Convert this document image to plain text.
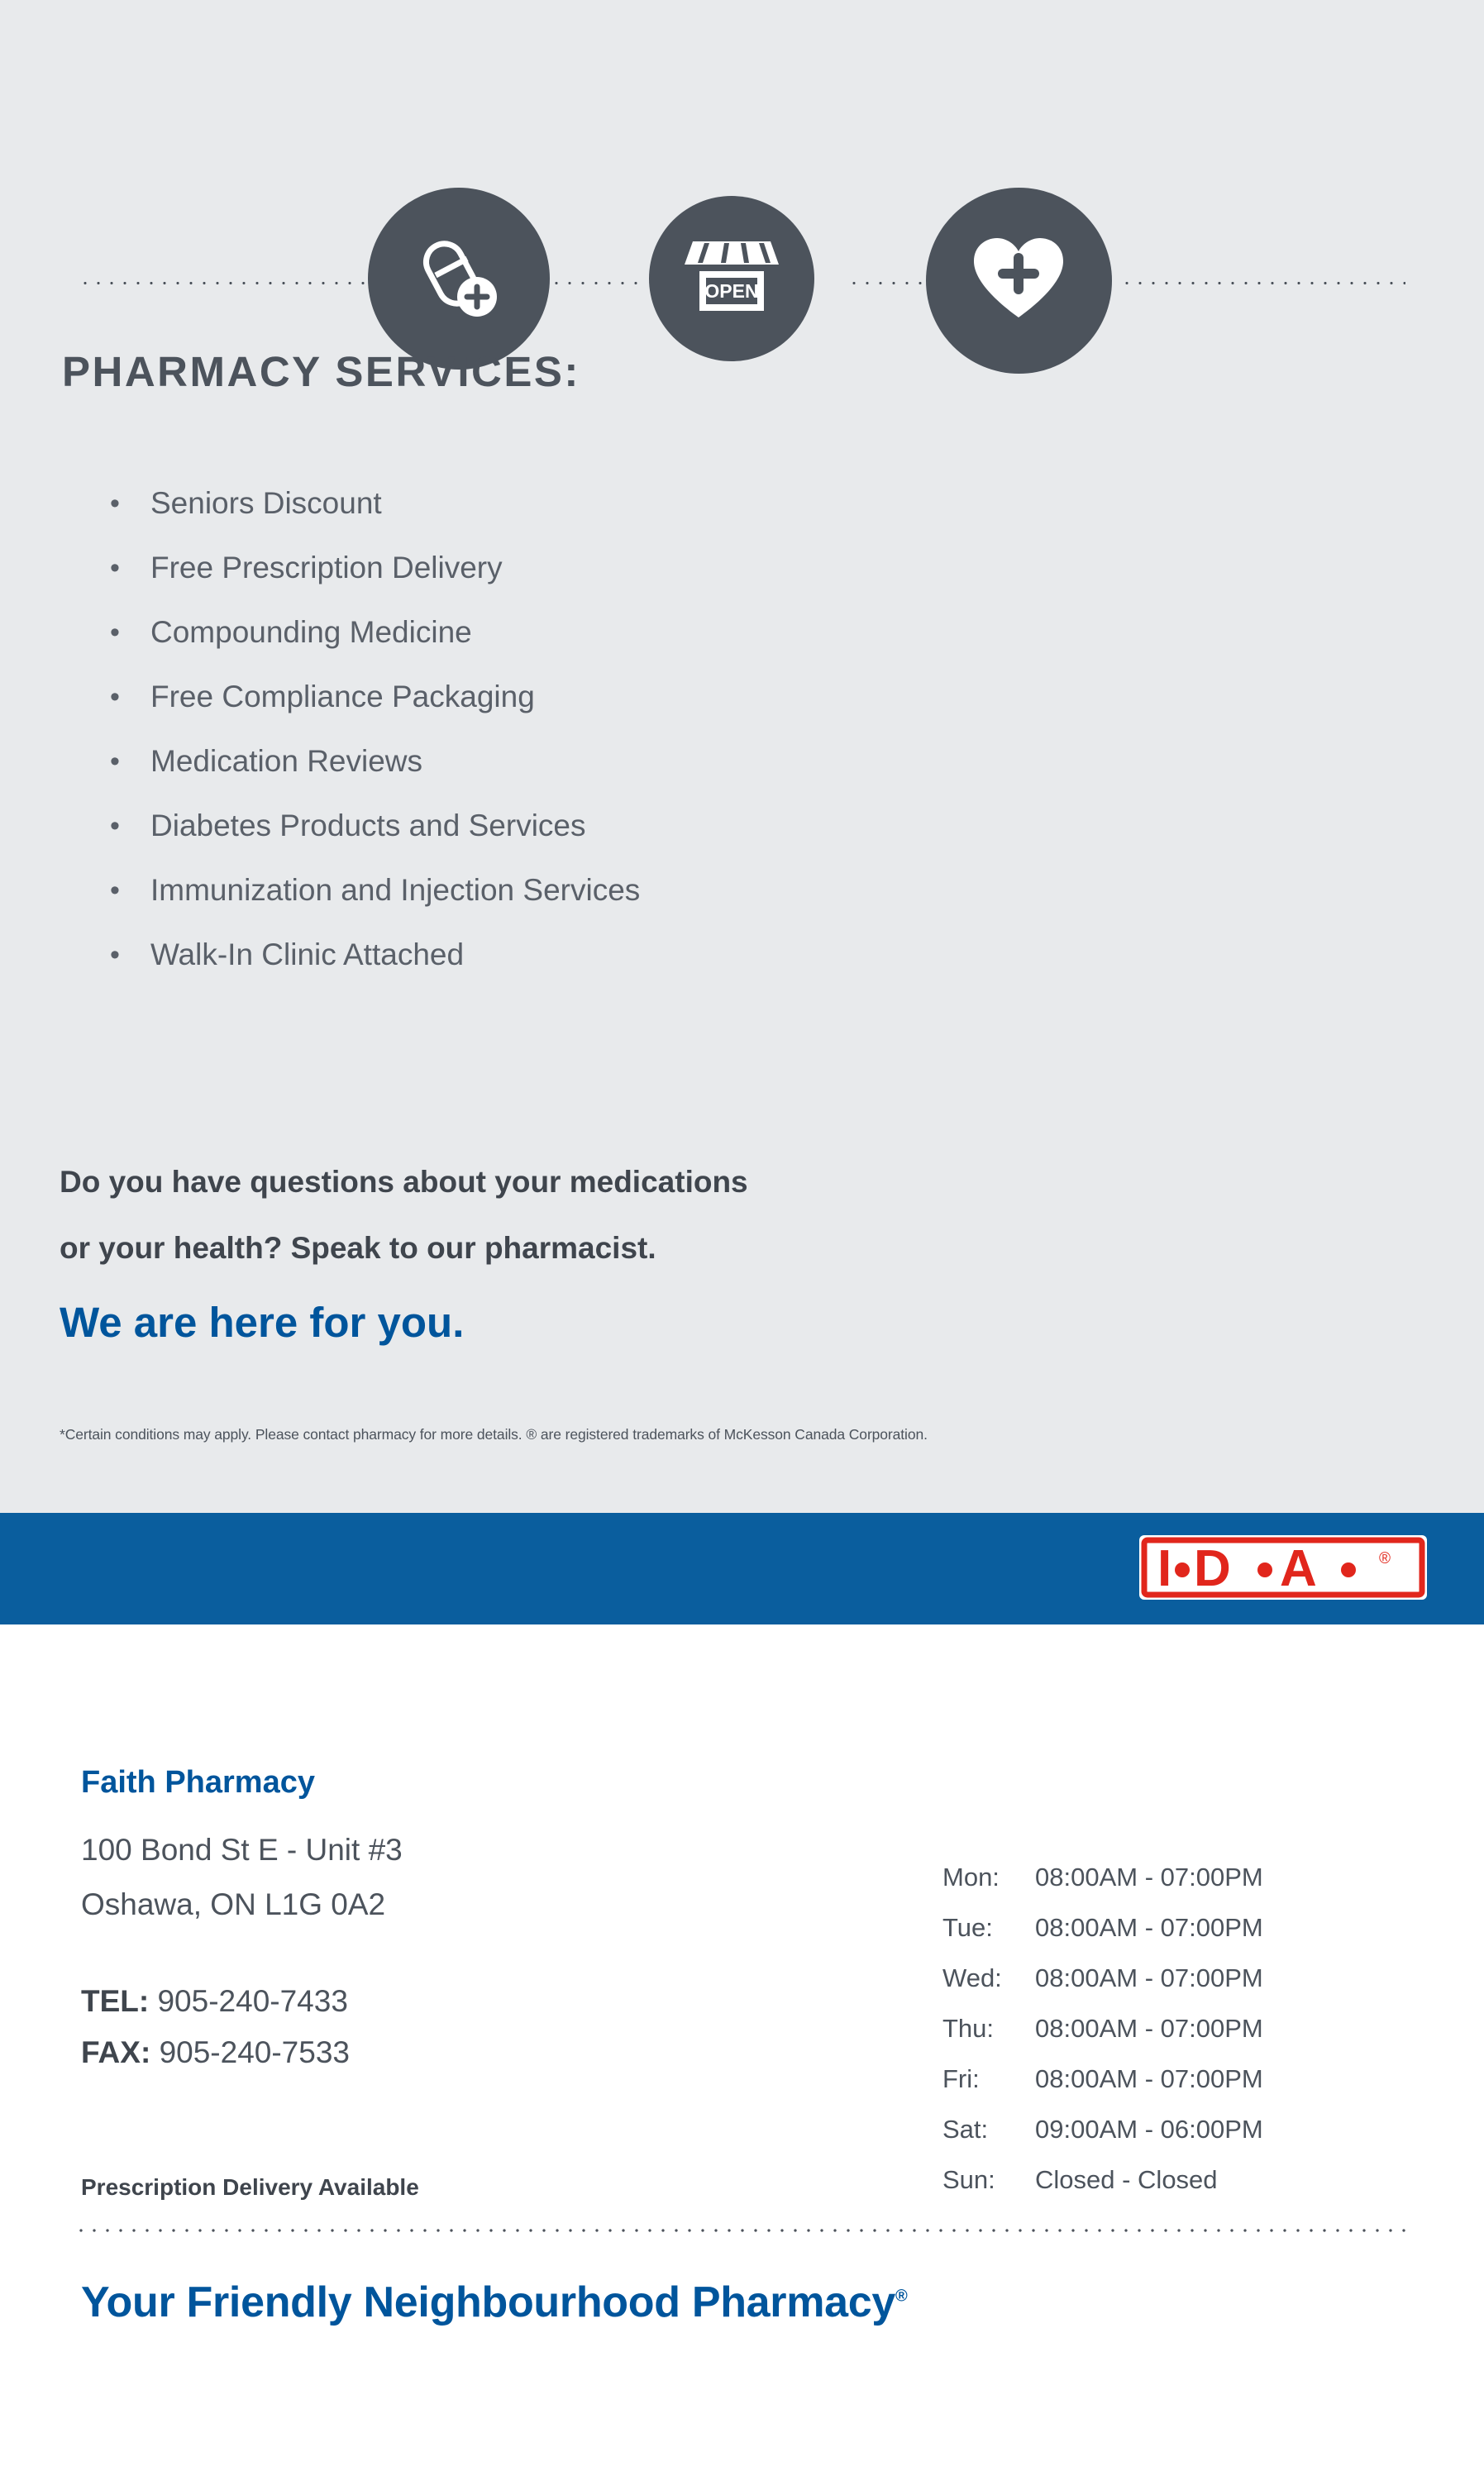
OPEN
PHARMACY SERVICES:
• Seniors Discount
• Free Prescription Delivery
• Compounding Medicine
• Free Compliance Packaging
• Medication Reviews
• Diabetes Products and Services
• Immunization and Injection Services
• Walk-In Clinic Attached
Do you have questions about your medications
or your health? Speak to our pharmacist.
We are here for you.
*Certain conditions may apply. Please contact pharmacy for more details. ® are registered trademarks of McKesson Canada Corporation.
I D A	®
Faith Pharmacy
100 Bond St E - Unit #3
Oshawa, ON L1G 0A2
TEL: 905-240-7433
FAX: 905-240-7533
Prescription Delivery Available
Mon:	08:00AM - 07:00PM
Tue:	08:00AM - 07:00PM
Wed:	08:00AM - 07:00PM
Thu:	08:00AM - 07:00PM
Fri:	08:00AM - 07:00PM
Sat:	09:00AM - 06:00PM
Sun:	Closed - Closed
Your Friendly Neighbourhood Pharmacy®
